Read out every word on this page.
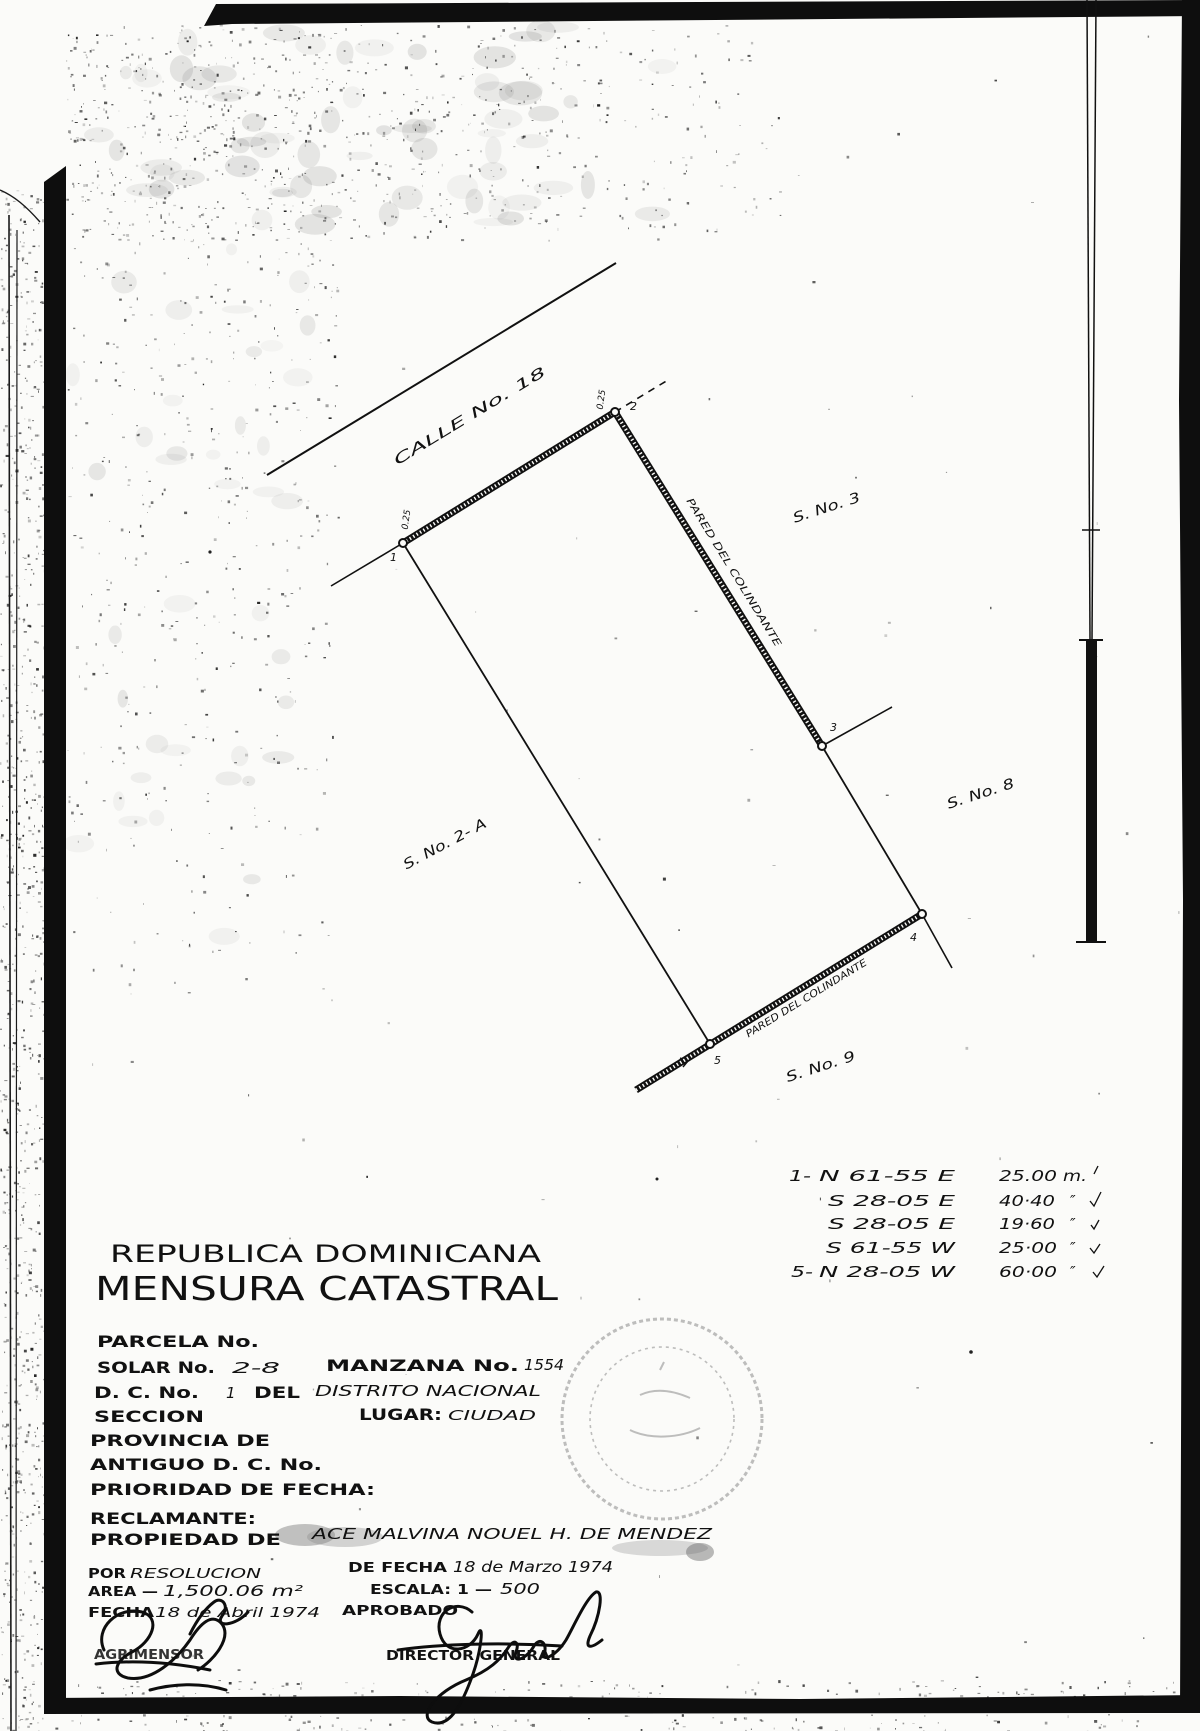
CALLE No. 18
1
2
3
4
5
0.25
0.25
PARED DEL COLINDANTE
PARED DEL COLINDANTE
S. No. 3
S. No. 8
S. No. 2- A
S. No. 9
1- N 61-55 E	25.00 m.
S 28-05 E	40·40 ″
S 28-05 E	19·60 ″
S 61-55 W	25·00 ″
5- N 28-05 W	60·00 ″
REPUBLICA DOMINICANA
MENSURA CATASTRAL
PARCELA No.
SOLAR No. 2-8	MANZANA No. 1554
D. C. No. 1 DEL DISTRITO NACIONAL
SECCION	LUGAR: CIUDAD
PROVINCIA DE
ANTIGUO D. C. No.
PRIORIDAD DE FECHA:
RECLAMANTE:
PROPIEDAD DE ACE MALVINA NOUEL H. DE MENDEZ
POR RESOLUCION	DE FECHA 18 de Marzo 1974
AREA — 1,500.06 m²	ESCALA: 1 — 500
FECHA 18 de Abril 1974 APROBADO
AGRIMENSOR	DIRECTOR GENERAL
